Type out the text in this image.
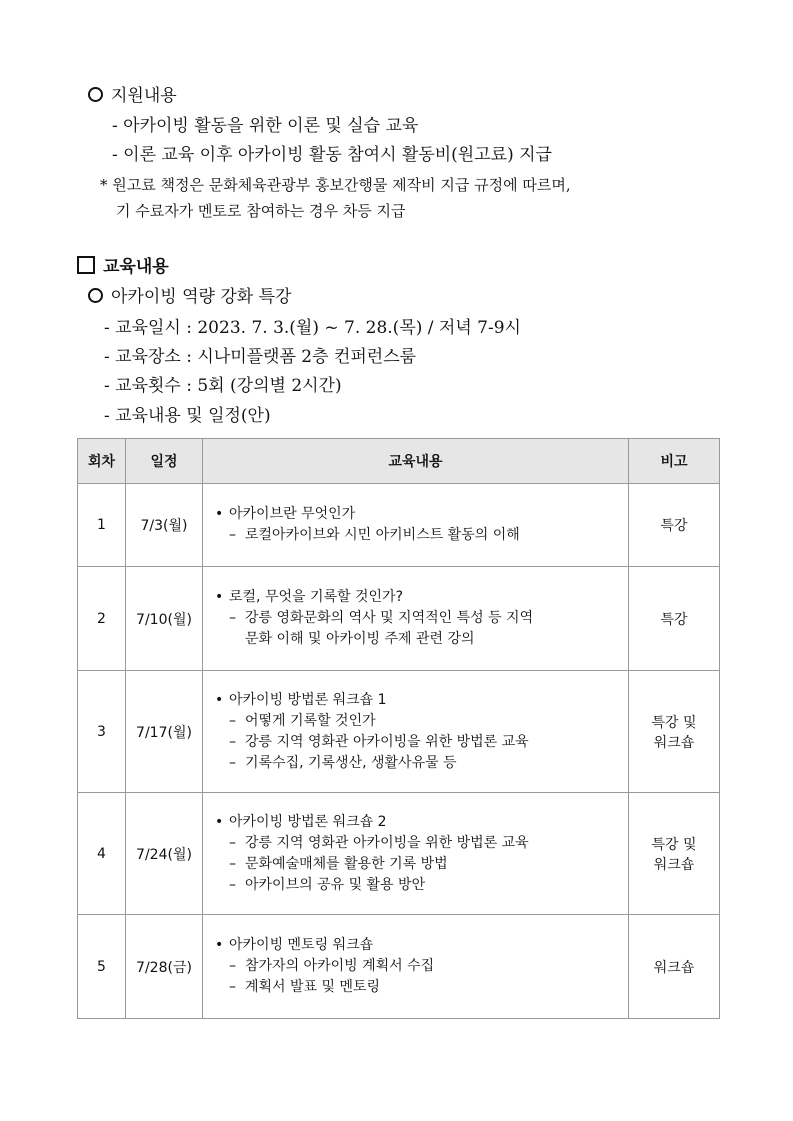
지원내용
- 아카이빙 활동을 위한 이론 및 실습 교육
- 이론 교육 이후 아카이빙 활동 참여시 활동비(원고료) 지급
* 원고료 책정은 문화체육관광부 홍보간행물 제작비 지급 규정에 따르며,
기 수료자가 멘토로 참여하는 경우 차등 지급
교육내용
아카이빙 역량 강화 특강
- 교육일시 : 2023. 7. 3.(월) ~ 7. 28.(목) / 저녁 7-9시
- 교육장소 : 시나미플랫폼 2층 컨퍼런스룸
- 교육횟수 : 5회 (강의별 2시간)
- 교육내용 및 일정(안)
회차	일정	교육내용	비고
1	7/3(월)	• 아카이브란 무엇인가
– 로컬아카이브와 시민 아키비스트 활동의 이해	특강
2	7/10(월)	• 로컬, 무엇을 기록할 것인가?
– 강릉 영화문화의 역사 및 지역적인 특성 등 지역
문화 이해 및 아카이빙 주제 관련 강의	특강
3	7/17(월)	• 아카이빙 방법론 워크숍 1
– 어떻게 기록할 것인가
– 강릉 지역 영화관 아카이빙을 위한 방법론 교육
– 기록수집, 기록생산, 생활사유물 등	특강 및
워크숍

4	7/24(월)	• 아카이빙 방법론 워크숍 2
– 강릉 지역 영화관 아카이빙을 위한 방법론 교육
– 문화예술매체를 활용한 기록 방법
– 아카이브의 공유 및 활용 방안	특강 및
워크숍

5	7/28(금)	• 아카이빙 멘토링 워크숍
– 참가자의 아카이빙 계획서 수집
– 계획서 발표 및 멘토링	워크숍
